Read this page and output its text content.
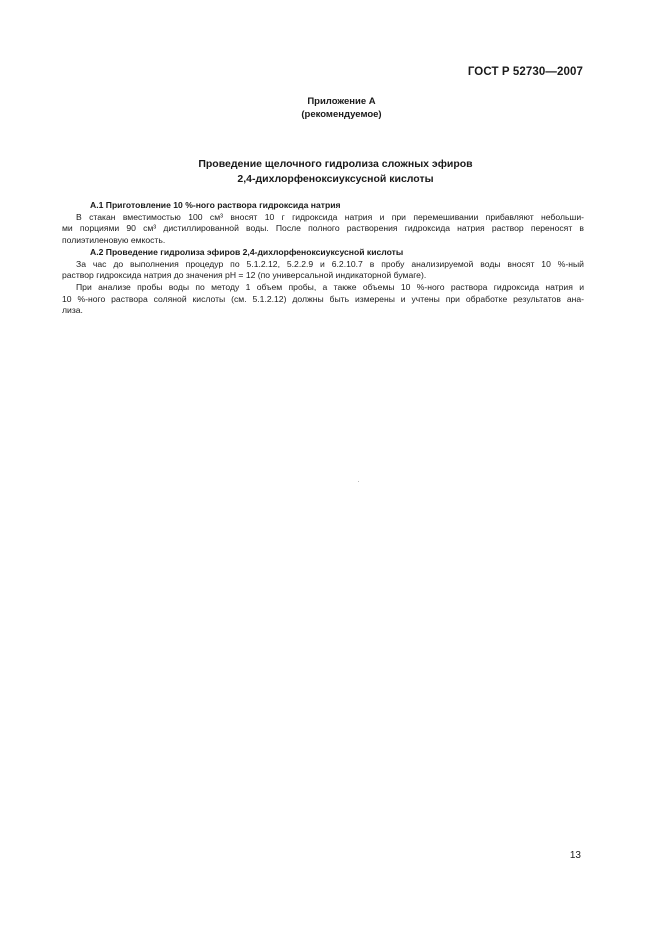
ГОСТ Р 52730—2007
Приложение А
(рекомендуемое)
Проведение щелочного гидролиза сложных эфиров
2,4-дихлорфеноксиуксусной кислоты
А.1 Приготовление 10 %-ного раствора гидроксида натрия
В стакан вместимостью 100 см³ вносят 10 г гидроксида натрия и при перемешивании прибавляют небольши-
ми порциями 90 см³ дистиллированной воды. После полного растворения гидроксида натрия раствор переносят в
полиэтиленовую емкость.
А.2 Проведение гидролиза эфиров 2,4-дихлорфеноксиуксусной кислоты
За час до выполнения процедур по 5.1.2.12, 5.2.2.9 и 6.2.10.7 в пробу анализируемой воды вносят 10 %-ный
раствор гидроксида натрия до значения pH = 12 (по универсальной индикаторной бумаге).
При анализе пробы воды по методу 1 объем пробы, а также объемы 10 %-ного раствора гидроксида натрия и
10 %-ного раствора соляной кислоты (см. 5.1.2.12) должны быть измерены и учтены при обработке результатов ана-
лиза.
13
